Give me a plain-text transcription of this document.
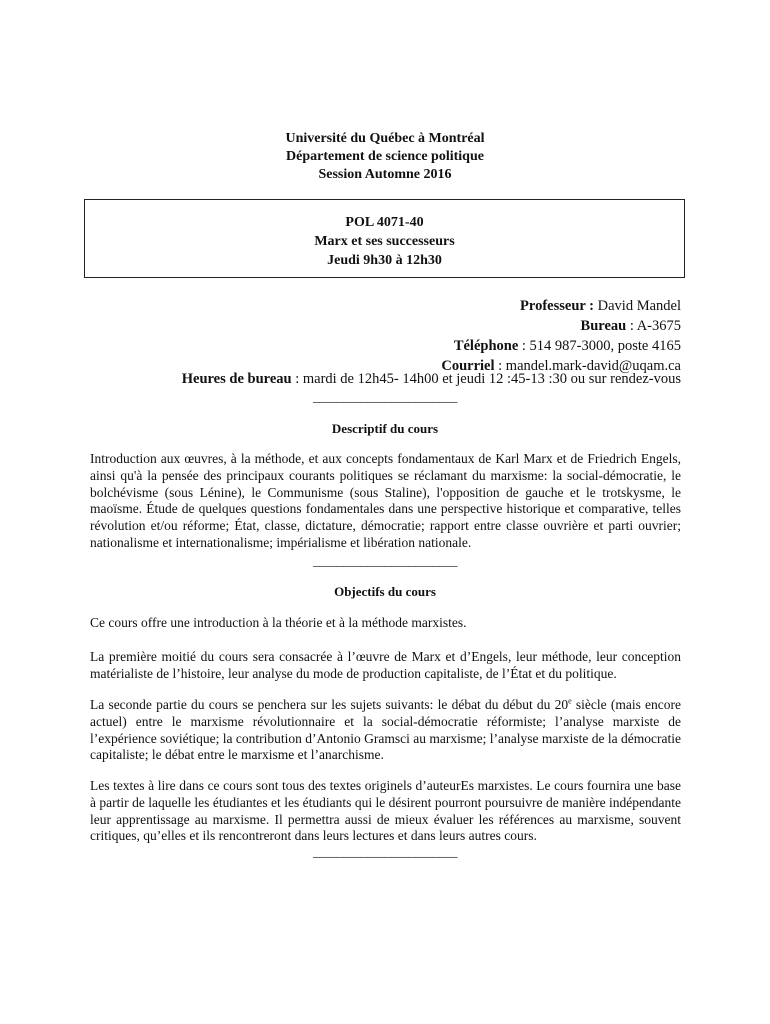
Université du Québec à Montréal
Département de science politique
Session Automne 2016
POL 4071-40
Marx et ses successeurs
Jeudi 9h30 à 12h30
Professeur : David Mandel
Bureau : A-3675
Téléphone : 514 987-3000, poste 4165
Courriel : mandel.mark-david@uqam.ca
Heures de bureau : mardi de 12h45- 14h00 et jeudi 12 :45-13 :30 ou sur rendez-vous
________________________
Descriptif du cours
Introduction aux œuvres, à la méthode, et aux concepts fondamentaux de Karl Marx et de Friedrich Engels, ainsi qu'à la pensée des principaux courants politiques se réclamant du marxisme: la social-démocratie, le bolchévisme (sous Lénine), le Communisme (sous Staline), l'opposition de gauche et le trotskysme, le maoïsme. Étude de quelques questions fondamentales dans une perspective historique et comparative, telles révolution et/ou réforme; État, classe, dictature, démocratie; rapport entre classe ouvrière et parti ouvrier; nationalisme et internationalisme; impérialisme et libération nationale.
________________________
Objectifs du cours
Ce cours offre une introduction à la théorie et à la méthode marxistes.
La première moitié du cours sera consacrée à l’œuvre de Marx et d’Engels, leur méthode, leur conception matérialiste de l’histoire, leur analyse du mode de production capitaliste, de l’État et du politique.
La seconde partie du cours se penchera sur les sujets suivants: le débat du début du 20e siècle (mais encore actuel) entre le marxisme révolutionnaire et la social-démocratie réformiste; l’analyse marxiste de l’expérience soviétique; la contribution d’Antonio Gramsci au marxisme; l’analyse marxiste de la démocratie capitaliste; le débat entre le marxisme et l’anarchisme.
Les textes à lire dans ce cours sont tous des textes originels d’auteurEs marxistes. Le cours fournira une base à partir de laquelle les étudiantes et les étudiants qui le désirent pourront poursuivre de manière indépendante leur apprentissage au marxisme. Il permettra aussi de mieux évaluer les références au marxisme, souvent critiques, qu’elles et ils rencontreront dans leurs lectures et dans leurs autres cours.
________________________
